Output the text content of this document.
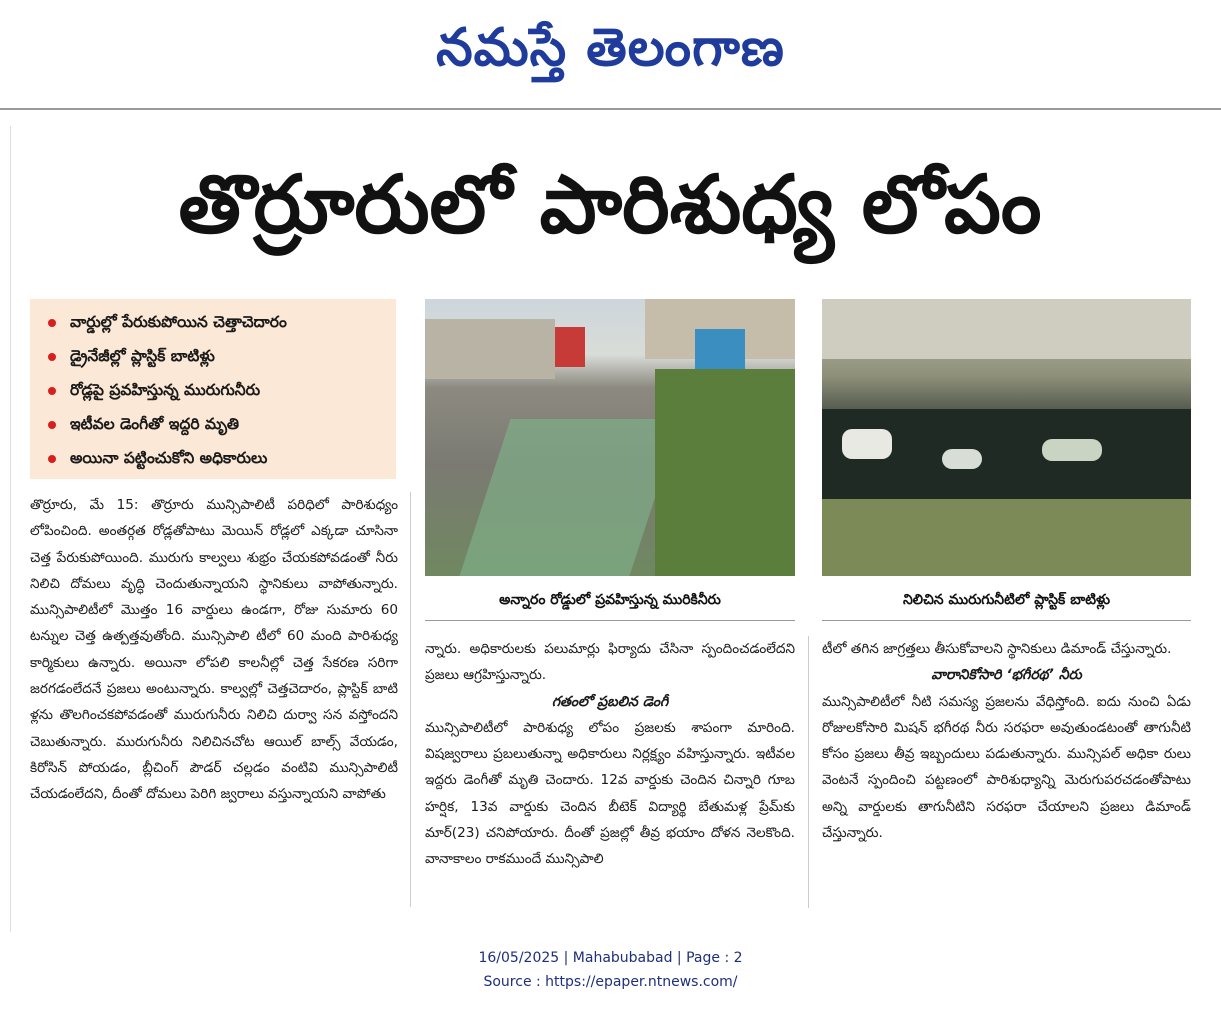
నమస్తే తెలంగాణ
తొర్రూరులో పారిశుధ్య లోపం
వార్డుల్లో పేరుకుపోయిన చెత్తాచెదారం
డ్రైనేజీల్లో ప్లాస్టిక్ బాటిళ్లు
రోడ్లపై ప్రవహిస్తున్న మురుగునీరు
ఇటీవల డెంగీతో ఇద్దరి మృతి
అయినా పట్టించుకోని అధికారులు
అన్నారం రోడ్డులో ప్రవహిస్తున్న మురికినీరు	నిలిచిన మురుగునీటిలో ప్లాస్టిక్ బాటిళ్లు

తొర్రూరు, మే 15: తొర్రూరు మున్సిపాలిటీ పరిధిలో పారిశుధ్యం లోపించింది. అంతర్గత రోడ్లతోపాటు మెయిన్ రోడ్లలో ఎక్కడా చూసినా చెత్త పేరుకుపోయింది. మురుగు కాల్వలు శుభ్రం చేయకపోవడంతో నీరు నిలిచి దోమలు వృద్ధి చెందుతున్నాయని స్థానికులు వాపోతున్నారు. మున్సిపాలిటీలో మొత్తం 16 వార్డులు ఉండగా, రోజు సుమారు 60 టన్నుల చెత్త ఉత్పత్తవుతోంది. మున్సిపాలి టీలో 60 మంది పారిశుధ్య కార్మికులు ఉన్నారు. అయినా లోపలి కాలనీల్లో చెత్త సేకరణ సరిగా జరగడంలేదనే ప్రజలు అంటున్నారు. కాల్వల్లో చెత్తచెదారం, ప్లాస్టిక్ బాటి ళ్లను తొలగించకపోవడంతో మురుగునీరు నిలిచి దుర్వా సన వస్తోందని చెబుతున్నారు. మురుగునీరు నిలిచినచోట ఆయిల్ బాల్స్ వేయడం, కిరోసిన్ పోయడం, బ్లీచింగ్ పౌడర్ చల్లడం వంటివి మున్సిపాలిటీ చేయడంలేదని, దీంతో దోమలు పెరిగి జ్వరాలు వస్తున్నాయని వాపోతు

న్నారు. అధికారులకు పలుమార్లు ఫిర్యాదు చేసినా స్పందించడంలేదని ప్రజలు ఆగ్రహిస్తున్నారు.

గతంలో ప్రబలిన డెంగీ

మున్సిపాలిటీలో పారిశుధ్య లోపం ప్రజలకు శాపంగా మారింది. విషజ్వరాలు ప్రబలుతున్నా అధికారులు నిర్లక్ష్యం వహిస్తున్నారు. ఇటీవల ఇద్దరు డెంగీతో మృతి చెందారు. 12వ వార్డుకు చెందిన చిన్నారి గూబ హర్షిక, 13వ వార్డుకు చెందిన బీటెక్ విద్యార్థి బేతుమళ్ల ప్రేమ్‌కు మార్(23) చనిపోయారు. దీంతో ప్రజల్లో తీవ్ర భయాం దోళన నెలకొంది. వానాకాలం రాకముందే మున్సిపాలి

టీలో తగిన జాగ్రత్తలు తీసుకోవాలని స్థానికులు డిమాండ్ చేస్తున్నారు.

వారానికోసారి ‘భగీరథ’ నీరు

మున్సిపాలిటీలో నీటి సమస్య ప్రజలను వేధిస్తోంది. ఐదు నుంచి ఏడు రోజులకోసారి మిషన్ భగీరథ నీరు సరఫరా అవుతుండటంతో తాగునీటి కోసం ప్రజలు తీవ్ర ఇబ్బందులు పడుతున్నారు. మున్సిపల్ అధికా రులు వెంటనే స్పందించి పట్టణంలో పారిశుధ్యాన్ని మెరుగుపరచడంతోపాటు అన్ని వార్డులకు తాగునీటిని సరఫరా చేయాలని ప్రజలు డిమాండ్ చేస్తున్నారు.

16/05/2025 | Mahabubabad | Page : 2
Source : https://epaper.ntnews.com/
